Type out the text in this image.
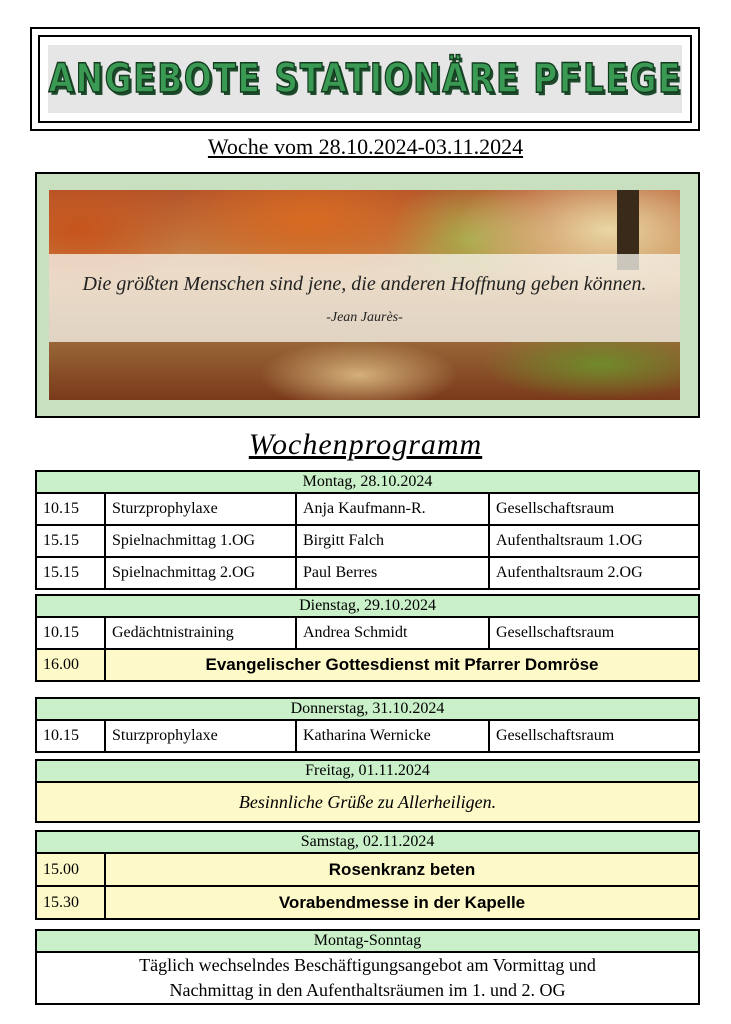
ANGEBOTE STATIONÄRE PFLEGE
Woche vom 28.10.2024-03.11.2024
Die größten Menschen sind jene, die anderen Hoffnung geben können.
-Jean Jaurès-
Wochenprogramm
Montag, 28.10.2024
10.15	Sturzprophylaxe	Anja Kaufmann-R.	Gesellschaftsraum
15.15	Spielnachmittag 1.OG	Birgitt Falch	Aufenthaltsraum 1.OG
15.15	Spielnachmittag 2.OG	Paul Berres	Aufenthaltsraum 2.OG
Dienstag, 29.10.2024
10.15	Gedächtnistraining	Andrea Schmidt	Gesellschaftsraum
16.00	Evangelischer Gottesdienst mit Pfarrer Domröse
Donnerstag, 31.10.2024
10.15	Sturzprophylaxe	Katharina Wernicke	Gesellschaftsraum
Freitag, 01.11.2024
Besinnliche Grüße zu Allerheiligen.
Samstag, 02.11.2024
15.00	Rosenkranz beten
15.30	Vorabendmesse in der Kapelle
Montag-Sonntag
Täglich wechselndes Beschäftigungsangebot am Vormittag und
Nachmittag in den Aufenthaltsräumen im 1. und 2. OG
